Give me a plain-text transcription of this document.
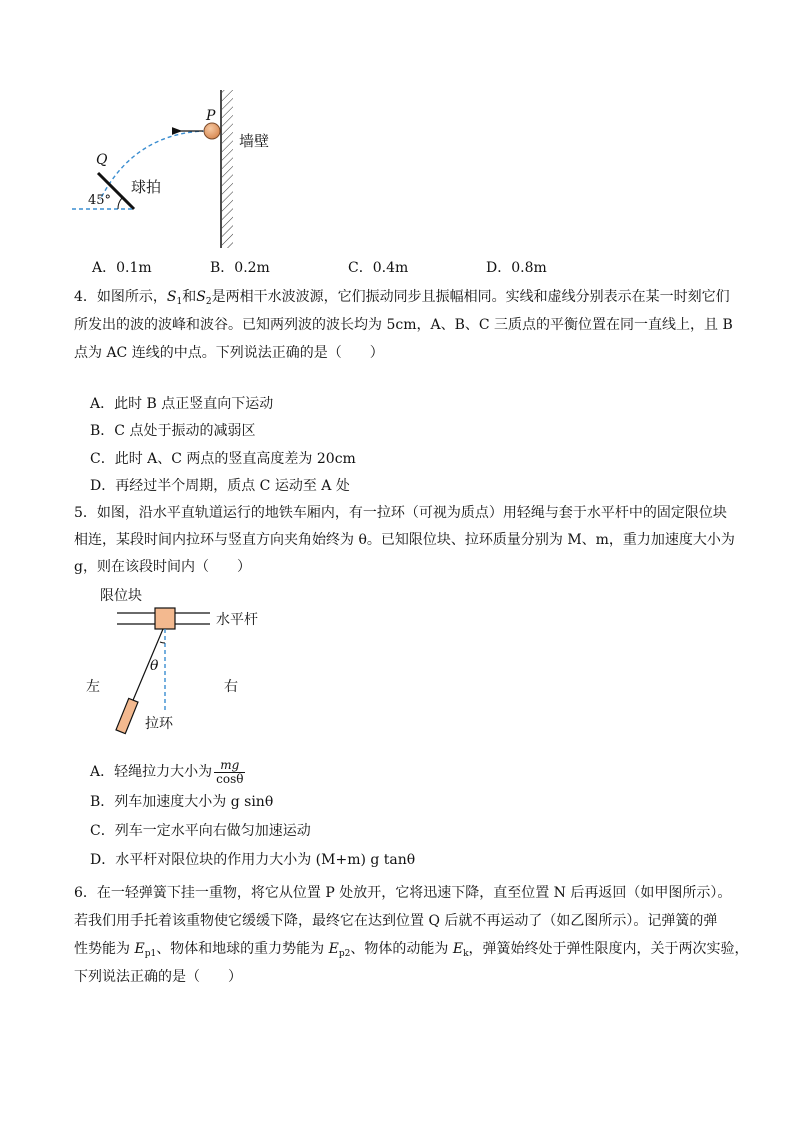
P
墙壁
Q
45°
球拍
A．0.1m	B．0.2m	C．0.4m	D．0.8m
4．如图所示，$S_1$和$S_2$是两相干水波波源，它们振动同步且振幅相同。实线和虚线分别表示在某一时刻它们
所发出的波的波峰和波谷。已知两列波的波长均为 5cm，A、B、C 三质点的平衡位置在同一直线上，且 B
点为 AC 连线的中点。下列说法正确的是（　　）
A．此时 B 点正竖直向下运动
B．C 点处于振动的减弱区
C．此时 A、C 两点的竖直高度差为 20cm
D．再经过半个周期，质点 C 运动至 A 处
5．如图，沿水平直轨道运行的地铁车厢内，有一拉环（可视为质点）用轻绳与套于水平杆中的固定限位块
相连，某段时间内拉环与竖直方向夹角始终为 θ。已知限位块、拉环质量分别为 M、m，重力加速度大小为
g，则在该段时间内（　　）
限位块
水平杆
θ
左	右
拉环
A．轻绳拉力大小为 $\frac{mg}{\cos\theta}$
B．列车加速度大小为 g sinθ
C．列车一定水平向右做匀加速运动
D．水平杆对限位块的作用力大小为 (M+m) g tanθ
6．在一轻弹簧下挂一重物，将它从位置 P 处放开，它将迅速下降，直至位置 N 后再返回（如甲图所示）。
若我们用手托着该重物使它缓缓下降，最终它在达到位置 Q 后就不再运动了（如乙图所示）。记弹簧的弹
性势能为 $E_{p1}$、物体和地球的重力势能为 $E_{p2}$、物体的动能为 $E_k$，弹簧始终处于弹性限度内，关于两次实验，
下列说法正确的是（　　）
